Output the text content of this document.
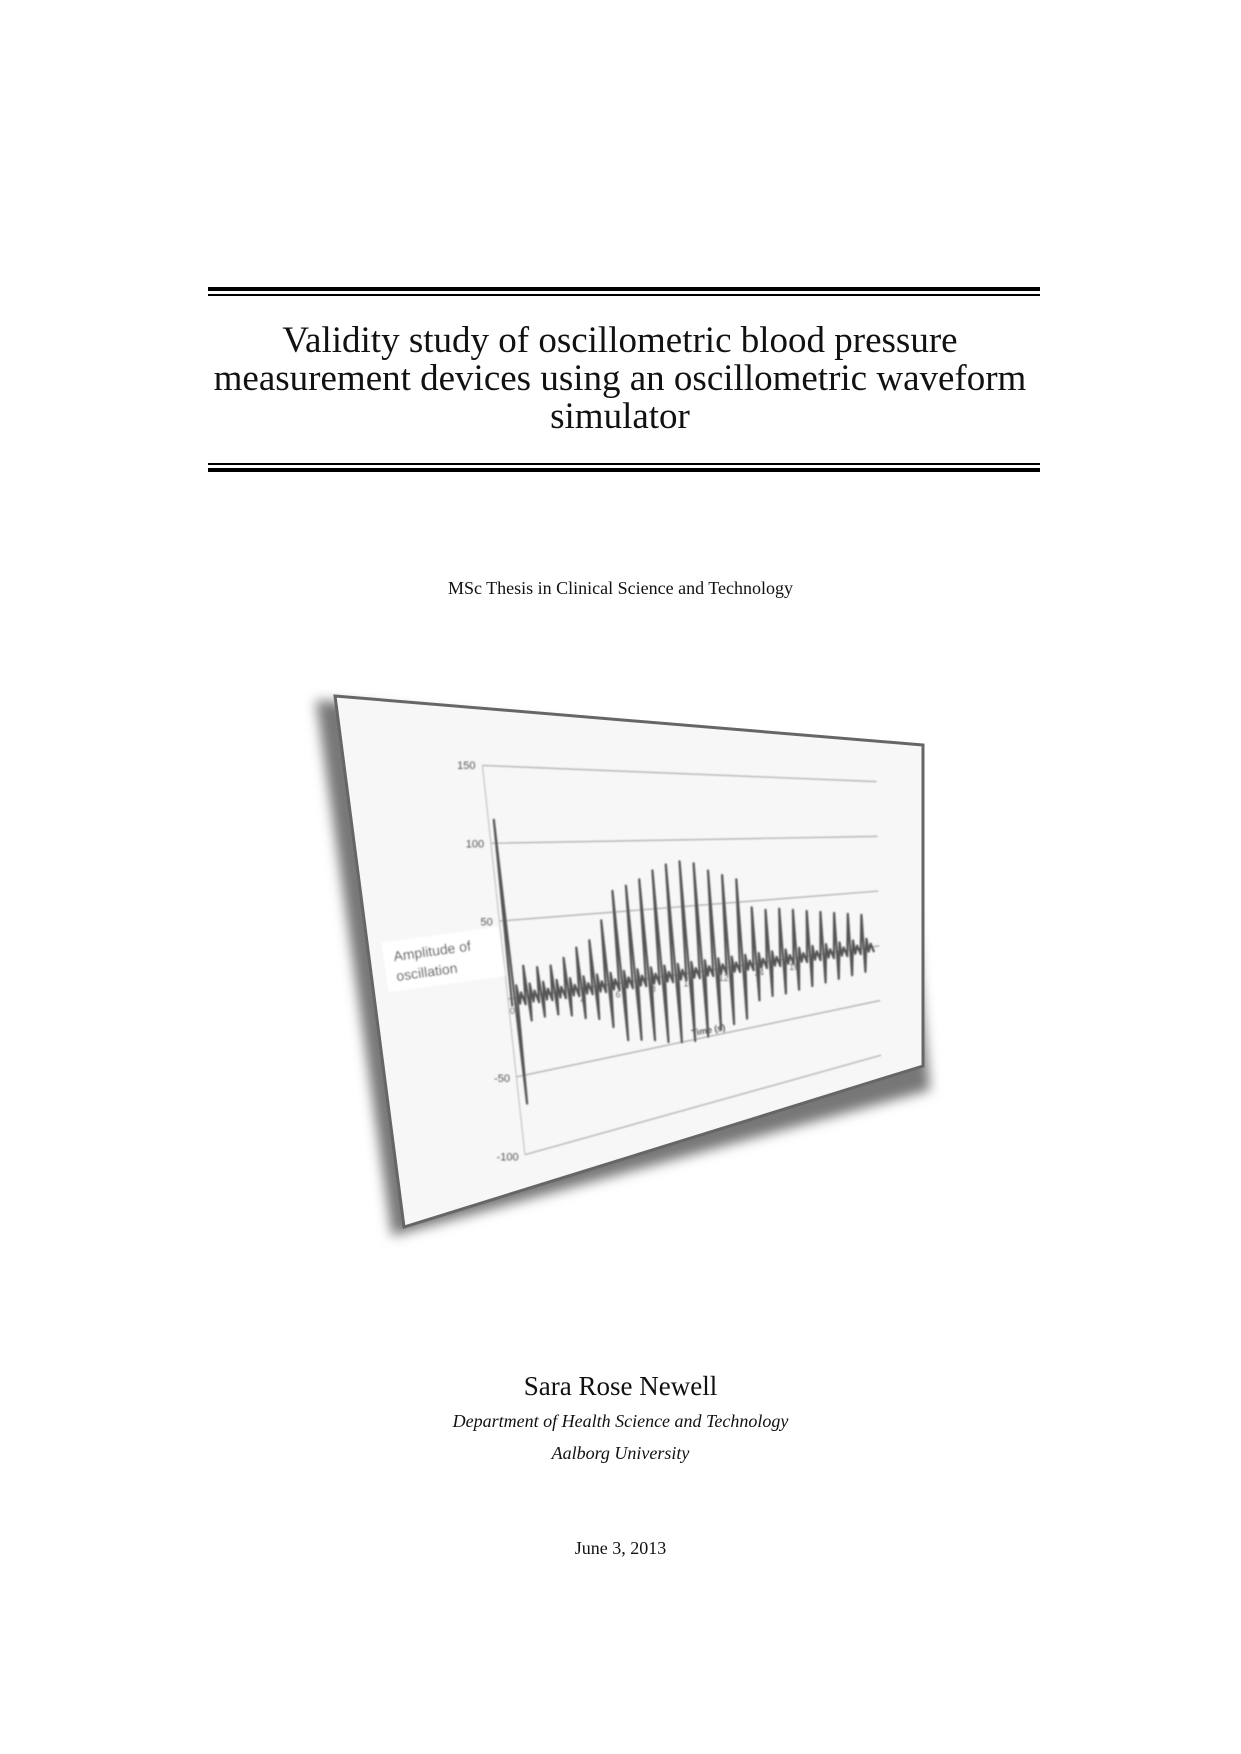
Validity study of oscillometric blood pressure
measurement devices using an oscillometric waveform
simulator
MSc Thesis in Clinical Science and Technology
150
100
50
-50
-100
0
4
6
8
10
12
14
16
Time (s)
Amplitude of
oscillation
Sara Rose Newell
Department of Health Science and Technology
Aalborg University
June 3, 2013
